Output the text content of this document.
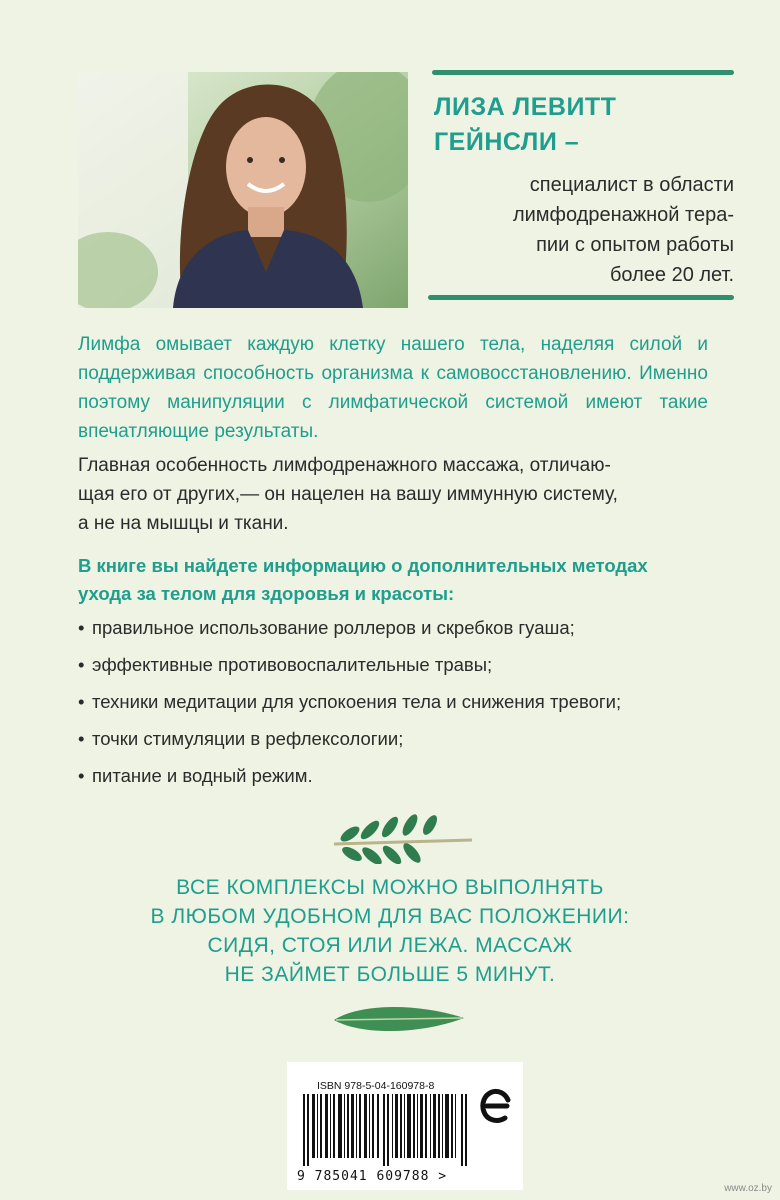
ЛИЗА ЛЕВИТТ
ГЕЙНСЛИ –
специалист в области
лимфодренажной тера-
пии с опытом работы
более 20 лет.
Лимфа омывает каждую клетку нашего тела, наделяя силой и поддерживая способность организма к самовосстановлению. Именно поэтому манипуляции с лимфатической системой имеют такие впечатляющие результаты.

Главная особенность лимфодренажного массажа, отличаю-

щая его от других,— он нацелен на вашу иммунную систему,

а не на мышцы и ткани.

В книге вы найдете информацию о дополнительных методах
ухода за телом для здоровья и красоты:
• правильное использование роллеров и скребков гуаша;
• эффективные противовоспалительные травы;
• техники медитации для успокоения тела и снижения тревоги;
• точки стимуляции в рефлексологии;
• питание и водный режим.
ВСЕ КОМПЛЕКСЫ МОЖНО ВЫПОЛНЯТЬ
В ЛЮБОМ УДОБНОМ ДЛЯ ВАС ПОЛОЖЕНИИ:
СИДЯ, СТОЯ ИЛИ ЛЕЖА. МАССАЖ
НЕ ЗАЙМЕТ БОЛЬШЕ 5 МИНУТ.
ISBN 978-5-04-160978-8
9 785041 609788 >
www.oz.by
